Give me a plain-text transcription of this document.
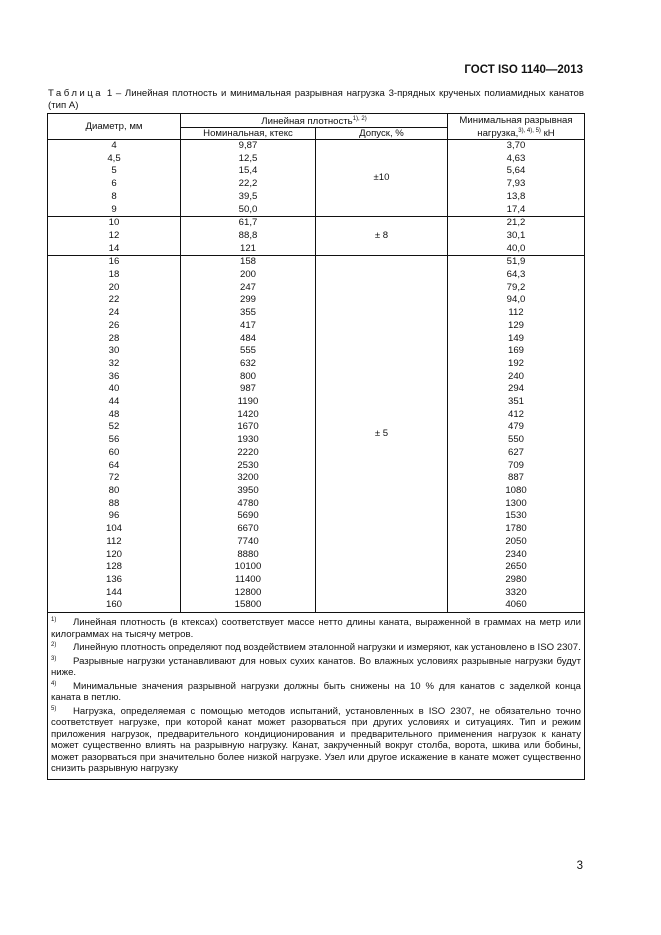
ГОСТ ISO 1140—2013
Таблица 1 – Линейная плотность и минимальная разрывная нагрузка 3-прядных крученых полиамидных канатов (тип А)
Диаметр, мм	Линейная плотность$^{1), 2)}$		Минимальная разрывная
нагрузка,$^{3), 4), 5)}$ кН
	Номинальная, ктекс	Допуск, %	
4	9,87	±10	3,70
4,5	12,5		4,63
5	15,4		5,64
6	22,2		7,93
8	39,5		13,8
9	50,0		17,4
10	61,7	± 8	21,2
12	88,8		30,1
14	121		40,0
16	158	± 5	51,9
18	200		64,3
20	247		79,2
22	299		94,0
24	355		112
26	417		129
28	484		149
30	555		169
32	632		192
36	800		240
40	987		294
44	1190		351
48	1420		412
52	1670		479
56	1930		550
60	2220		627
64	2530		709
72	3200		887
80	3950		1080
88	4780		1300
96	5690		1530
104	6670		1780
112	7740		2050
120	8880		2340
128	10100		2650
136	11400		2980
144	12800		3320
160	15800		4060

1) Линейная плотность (в ктексах) соответствует массе нетто длины каната, выраженной в граммах на метр или килограммах на тысячу метров.
2) Линейную плотность определяют под воздействием эталонной нагрузки и измеряют, как установлено в ISO 2307.
3) Разрывные нагрузки устанавливают для новых сухих канатов. Во влажных условиях разрывные нагрузки будут ниже.
4) Минимальные значения разрывной нагрузки должны быть снижены на 10 % для канатов с заделкой конца каната в петлю.
5) Нагрузка, определяемая с помощью методов испытаний, установленных в ISO 2307, не обязательно точно соответствует нагрузке, при которой канат может разорваться при других условиях и ситуациях. Тип и режим приложения нагрузок, предварительного кондиционирования и предварительного применения нагрузок к канату может существенно влиять на разрывную нагрузку. Канат, закрученный вокруг столба, ворота, шкива или бобины, может разорваться при значительно более низкой нагрузке. Узел или другое искажение в канате может существенно снизить разрывную нагрузку			
3
